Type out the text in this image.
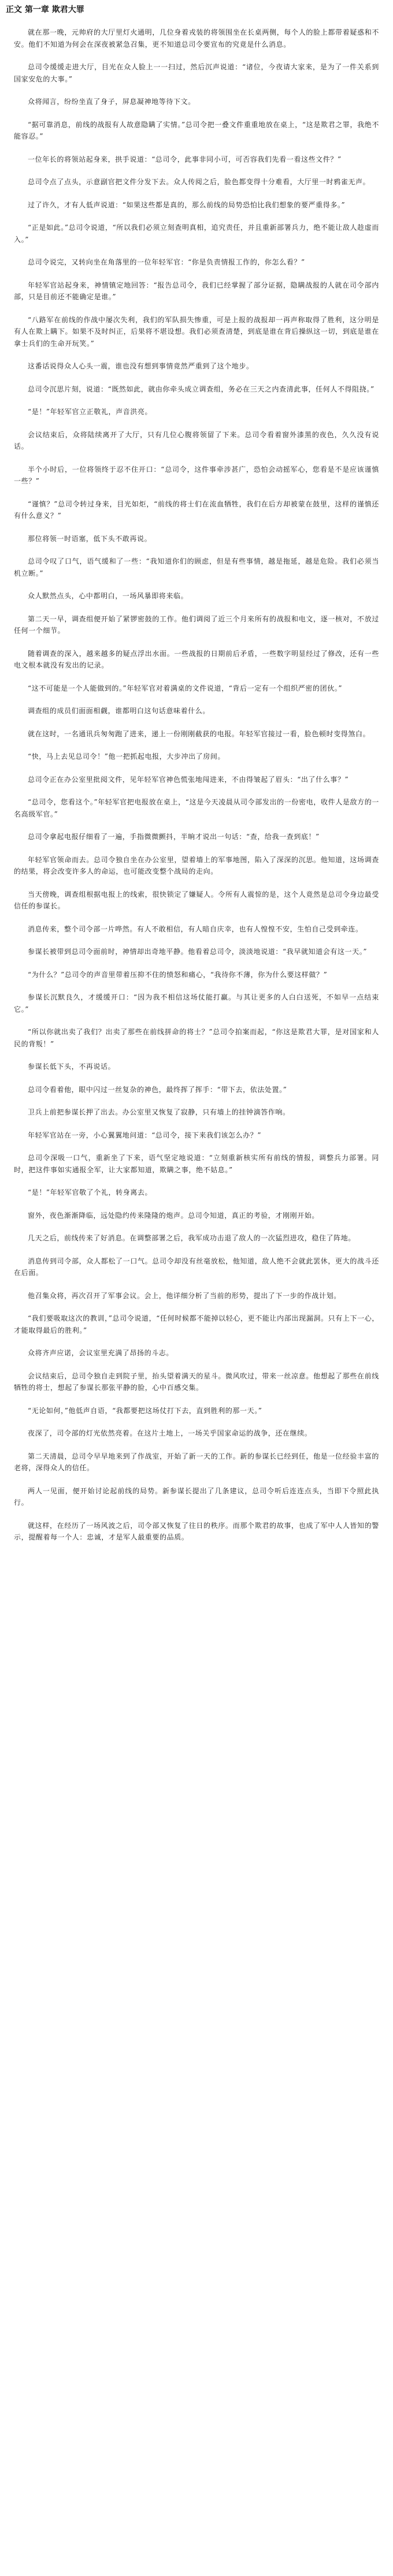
正文 第一章 欺君大罪

就在那一晚，元帅府的大厅里灯火通明，几位身着戎装的将领围坐在长桌两侧，每个人的脸上都带着疑惑和不安。他们不知道为何会在深夜被紧急召集，更不知道总司令要宣布的究竟是什么消息。

总司令缓缓走进大厅，目光在众人脸上一一扫过，然后沉声说道：“诸位，今夜请大家来，是为了一件关系到国家安危的大事。”

众将闻言，纷纷坐直了身子，屏息凝神地等待下文。

“据可靠消息，前线的战报有人故意隐瞒了实情。”总司令把一叠文件重重地放在桌上，“这是欺君之罪，我绝不能容忍。”

一位年长的将领站起身来，拱手说道：“总司令，此事非同小可，可否容我们先看一看这些文件？”

总司令点了点头，示意副官把文件分发下去。众人传阅之后，脸色都变得十分难看，大厅里一时鸦雀无声。

过了许久，才有人低声说道：“如果这些都是真的，那么前线的局势恐怕比我们想象的要严重得多。”

“正是如此。”总司令说道，“所以我们必须立刻查明真相，追究责任，并且重新部署兵力，绝不能让敌人趁虚而入。”

总司令说完，又转向坐在角落里的一位年轻军官：“你是负责情报工作的，你怎么看？”

年轻军官站起身来，神情镇定地回答：“报告总司令，我们已经掌握了部分证据，隐瞒战报的人就在司令部内部，只是目前还不能确定是谁。”

“八路军在前线的作战中屡次失利，我们的军队损失惨重，可是上报的战报却一再声称取得了胜利，这分明是有人在欺上瞒下。如果不及时纠正，后果将不堪设想。我们必须查清楚，到底是谁在背后操纵这一切，到底是谁在拿士兵们的生命开玩笑。”

这番话说得众人心头一震，谁也没有想到事情竟然严重到了这个地步。

总司令沉思片刻，说道：“既然如此，就由你牵头成立调查组，务必在三天之内查清此事，任何人不得阻挠。”

“是！”年轻军官立正敬礼，声音洪亮。

会议结束后，众将陆续离开了大厅，只有几位心腹将领留了下来。总司令看着窗外漆黑的夜色，久久没有说话。

半个小时后，一位将领终于忍不住开口：“总司令，这件事牵涉甚广，恐怕会动摇军心，您看是不是应该谨慎一些？”

“谨慎？”总司令转过身来，目光如炬，“前线的将士们在流血牺牲，我们在后方却被蒙在鼓里，这样的谨慎还有什么意义？”

那位将领一时语塞，低下头不敢再说。

总司令叹了口气，语气缓和了一些：“我知道你们的顾虑，但是有些事情，越是拖延，越是危险。我们必须当机立断。”

众人默然点头，心中都明白，一场风暴即将来临。

第二天一早，调查组便开始了紧锣密鼓的工作。他们调阅了近三个月来所有的战报和电文，逐一核对，不放过任何一个细节。

随着调查的深入，越来越多的疑点浮出水面。一些战报的日期前后矛盾，一些数字明显经过了修改，还有一些电文根本就没有发出的记录。

“这不可能是一个人能做到的。”年轻军官对着满桌的文件说道，“背后一定有一个组织严密的团伙。”

调查组的成员们面面相觑，谁都明白这句话意味着什么。

就在这时，一名通讯兵匆匆跑了进来，递上一份刚刚截获的电报。年轻军官接过一看，脸色顿时变得煞白。

“快，马上去见总司令！”他一把抓起电报，大步冲出了房间。

总司令正在办公室里批阅文件，见年轻军官神色慌张地闯进来，不由得皱起了眉头：“出了什么事？”

“总司令，您看这个。”年轻军官把电报放在桌上，“这是今天凌晨从司令部发出的一份密电，收件人是敌方的一名高级军官。”

总司令拿起电报仔细看了一遍，手指微微颤抖，半晌才说出一句话：“查，给我一查到底！”

年轻军官领命而去。总司令独自坐在办公室里，望着墙上的军事地图，陷入了深深的沉思。他知道，这场调查的结果，将会改变许多人的命运，也可能改变整个战局的走向。

当天傍晚，调查组根据电报上的线索，很快锁定了嫌疑人。令所有人震惊的是，这个人竟然是总司令身边最受信任的参谋长。

消息传来，整个司令部一片哗然。有人不敢相信，有人暗自庆幸，也有人惶惶不安，生怕自己受到牵连。

参谋长被带到总司令面前时，神情却出奇地平静。他看着总司令，淡淡地说道：“我早就知道会有这一天。”

“为什么？”总司令的声音里带着压抑不住的愤怒和痛心，“我待你不薄，你为什么要这样做？”

参谋长沉默良久，才缓缓开口：“因为我不相信这场仗能打赢。与其让更多的人白白送死，不如早一点结束它。”

“所以你就出卖了我们？出卖了那些在前线拼命的将士？”总司令拍案而起，“你这是欺君大罪，是对国家和人民的背叛！”

参谋长低下头，不再说话。

总司令看着他，眼中闪过一丝复杂的神色，最终挥了挥手：“带下去，依法处置。”

卫兵上前把参谋长押了出去。办公室里又恢复了寂静，只有墙上的挂钟滴答作响。

年轻军官站在一旁，小心翼翼地问道：“总司令，接下来我们该怎么办？”

总司令深吸一口气，重新坐了下来，语气坚定地说道：“立刻重新核实所有前线的情报，调整兵力部署。同时，把这件事如实通报全军，让大家都知道，欺瞒之事，绝不姑息。”

“是！”年轻军官敬了个礼，转身离去。

窗外，夜色渐渐降临，远处隐约传来隆隆的炮声。总司令知道，真正的考验，才刚刚开始。

几天之后，前线传来了好消息。在调整部署之后，我军成功击退了敌人的一次猛烈进攻，稳住了阵地。

消息传到司令部，众人都松了一口气。总司令却没有丝毫放松，他知道，敌人绝不会就此罢休，更大的战斗还在后面。

他召集众将，再次召开了军事会议。会上，他详细分析了当前的形势，提出了下一步的作战计划。

“我们要吸取这次的教训，”总司令说道，“任何时候都不能掉以轻心，更不能让内部出现漏洞。只有上下一心，才能取得最后的胜利。”

众将齐声应诺，会议室里充满了昂扬的斗志。

会议结束后，总司令独自走到院子里，抬头望着满天的星斗。微风吹过，带来一丝凉意。他想起了那些在前线牺牲的将士，想起了参谋长那张平静的脸，心中百感交集。

“无论如何，”他低声自语，“我都要把这场仗打下去，直到胜利的那一天。”

夜深了，司令部的灯光依然亮着。在这片土地上，一场关乎国家命运的战争，还在继续。

第二天清晨，总司令早早地来到了作战室，开始了新一天的工作。新的参谋长已经到任，他是一位经验丰富的老将，深得众人的信任。

两人一见面，便开始讨论起前线的局势。新参谋长提出了几条建议，总司令听后连连点头，当即下令照此执行。

就这样，在经历了一场风波之后，司令部又恢复了往日的秩序。而那个欺君的故事，也成了军中人人皆知的警示，提醒着每一个人：忠诚，才是军人最重要的品质。
